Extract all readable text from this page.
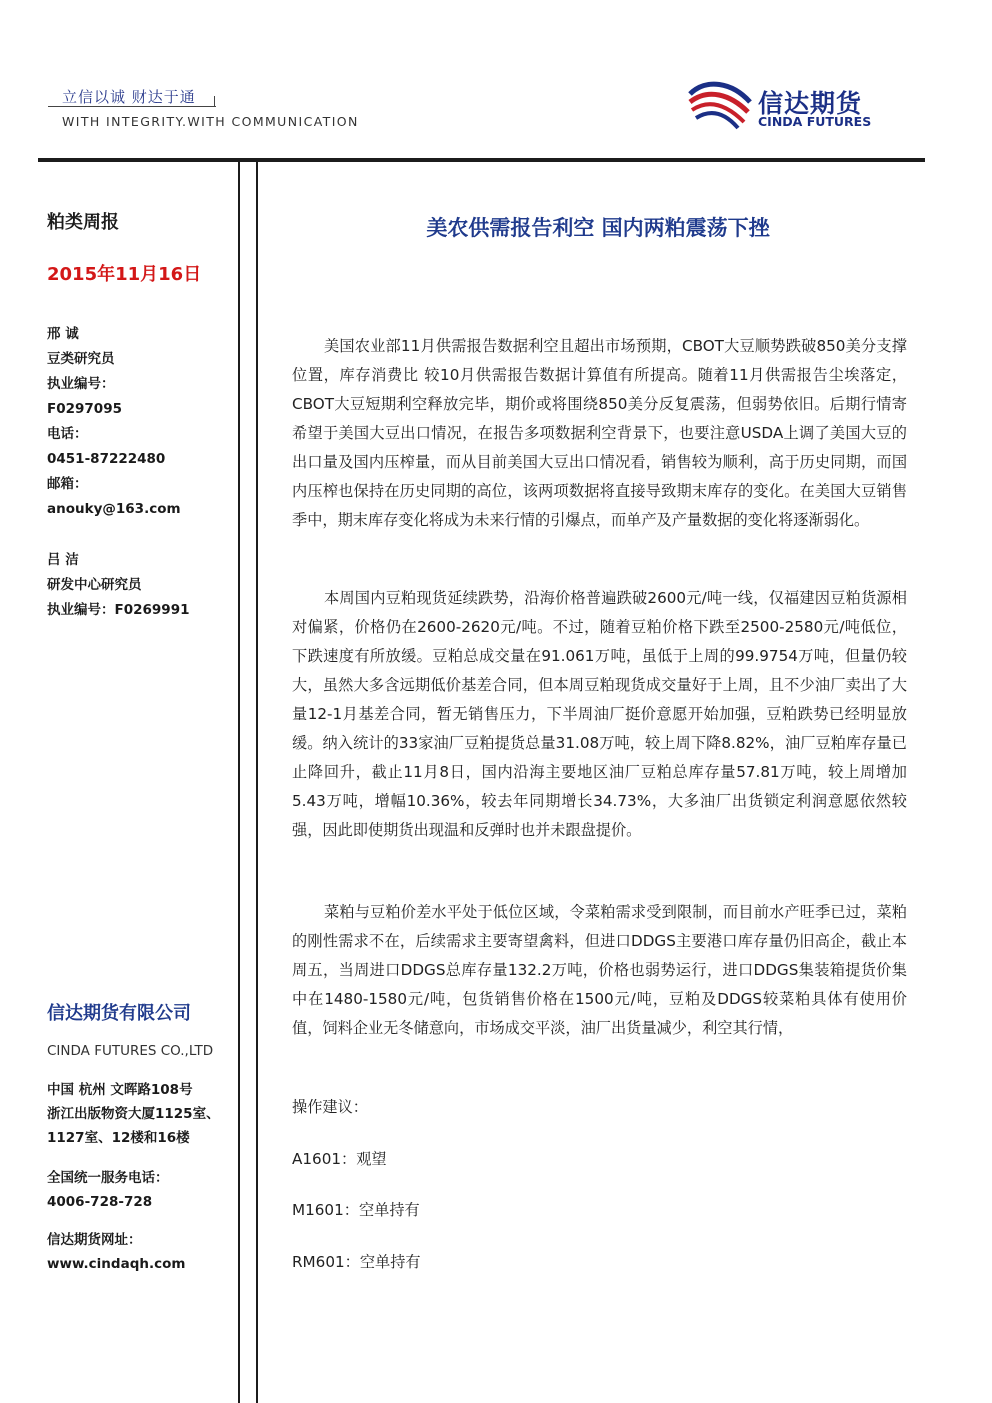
立信以诚 财达于通
WITH INTEGRITY.WITH COMMUNICATION
信达期货
CINDA FUTURES
粕类周报
2015年11月16日
邢 诚
豆类研究员
执业编号：
F0297095
电话：
0451-87222480
邮箱：
anouky@163.com
吕 洁
研发中心研究员
执业编号：F0269991
信达期货有限公司
CINDA FUTURES CO.,LTD
中国 杭州 文晖路108号
浙江出版物资大厦1125室、
1127室、12楼和16楼
全国统一服务电话：
4006-728-728
信达期货网址：
www.cindaqh.com
美农供需报告利空 国内两粕震荡下挫

美国农业部11月供需报告数据利空且超出市场预期，CBOT大豆顺势跌破850美分支撑位置，库存消费比 较10月供需报告数据计算值有所提高。随着11月供需报告尘埃落定，CBOT大豆短期利空释放完毕，期价或将围绕850美分反复震荡，但弱势依旧。后期行情寄希望于美国大豆出口情况，在报告多项数据利空背景下，也要注意USDA上调了美国大豆的出口量及国内压榨量，而从目前美国大豆出口情况看，销售较为顺利，高于历史同期，而国内压榨也保持在历史同期的高位，该两项数据将直接导致期末库存的变化。在美国大豆销售季中，期末库存变化将成为未来行情的引爆点，而单产及产量数据的变化将逐渐弱化。

本周国内豆粕现货延续跌势，沿海价格普遍跌破2600元/吨一线，仅福建因豆粕货源相对偏紧，价格仍在2600-2620元/吨。不过，随着豆粕价格下跌至2500-2580元/吨低位，下跌速度有所放缓。豆粕总成交量在91.061万吨，虽低于上周的99.9754万吨，但量仍较大，虽然大多含远期低价基差合同，但本周豆粕现货成交量好于上周，且不少油厂卖出了大量12-1月基差合同，暂无销售压力，下半周油厂挺价意愿开始加强，豆粕跌势已经明显放缓。纳入统计的33家油厂豆粕提货总量31.08万吨，较上周下降8.82%，油厂豆粕库存量已止降回升，截止11月8日，国内沿海主要地区油厂豆粕总库存量57.81万吨，较上周增加5.43万吨，增幅10.36%，较去年同期增长34.73%，大多油厂出货锁定利润意愿依然较强，因此即使期货出现温和反弹时也并未跟盘提价。

菜粕与豆粕价差水平处于低位区域，令菜粕需求受到限制，而目前水产旺季已过，菜粕的刚性需求不在，后续需求主要寄望禽料，但进口DDGS主要港口库存量仍旧高企，截止本周五，当周进口DDGS总库存量132.2万吨，价格也弱势运行，进口DDGS集装箱提货价集中在1480-1580元/吨，包货销售价格在1500元/吨，豆粕及DDGS较菜粕具体有使用价值，饲料企业无冬储意向，市场成交平淡，油厂出货量减少，利空其行情，

操作建议：
A1601：观望
M1601：空单持有
RM601：空单持有
